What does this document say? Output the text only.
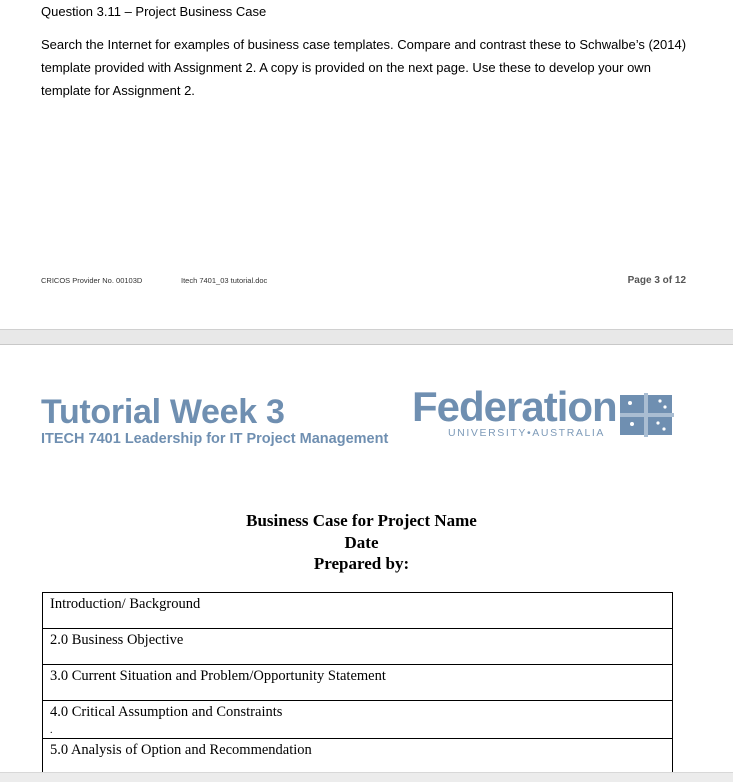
Question 3.11 – Project Business Case

Search the Internet for examples of business case templates. Compare and contrast these to Schwalbe’s (2014) template provided with Assignment 2. A copy is provided on the next page. Use these to develop your own template for Assignment 2.

CRICOS Provider No. 00103D	Itech 7401_03 tutorial.doc	Page 3 of 12
Tutorial Week 3
ITECH 7401 Leadership for IT Project Management
Federation
UNIVERSITY•AUSTRALIA
Business Case for Project Name
Date
Prepared by:
Introduction/ Background
2.0 Business Objective
3.0 Current Situation and Problem/Opportunity Statement
4.0 Critical Assumption and Constraints
.
5.0 Analysis of Option and Recommendation
